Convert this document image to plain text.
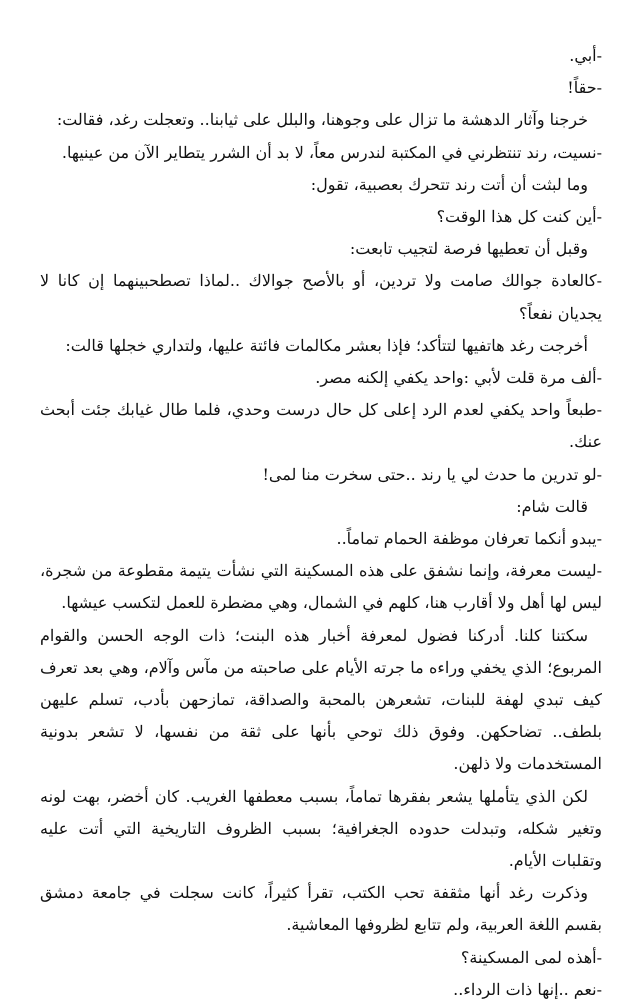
-أبي.

-حقاً!

خرجنا وآثار الدهشة ما تزال على وجوهنا، والبلل على ثيابنا.. وتعجلت رغد، فقالت:

-نسيت، رند تنتظرني في المكتبة لندرس معاً، لا بد أن الشرر يتطاير الآن من عينيها.

وما لبثت أن أتت رند تتحرك بعصبية، تقول:

-أين كنت كل هذا الوقت؟

وقبل أن تعطيها فرصة لتجيب تابعت:

-كالعادة جوالك صامت ولا تردين، أو بالأصح جوالاك ..لماذا تصطحبينهما إن كانا لا يجديان نفعاً؟

أخرجت رغد هاتفيها لتتأكد؛ فإذا بعشر مكالمات فائتة عليها، ولتداري خجلها قالت:

-ألف مرة قلت لأبي :واحد يكفي إلكنه مصر.

-طبعاً واحد يكفي لعدم الرد إعلى كل حال درست وحدي، فلما طال غيابك جئت أبحث عنك.

-لو تدرين ما حدث لي يا رند ..حتى سخرت منا لمى!

قالت شام:

-يبدو أنكما تعرفان موظفة الحمام تماماً..

-ليست معرفة، وإنما نشفق على هذه المسكينة التي نشأت يتيمة مقطوعة من شجرة، ليس لها أهل ولا أقارب هنا، كلهم في الشمال، وهي مضطرة للعمل لتكسب عيشها.

سكتنا كلنا. أدركنا فضول لمعرفة أخبار هذه البنت؛ ذات الوجه الحسن والقوام المربوع؛ الذي يخفي وراءه ما جرته الأيام على صاحبته من مآس وآلام، وهي بعد تعرف كيف تبدي لهفة للبنات، تشعرهن بالمحبة والصداقة، تمازحهن بأدب، تسلم عليهن بلطف.. تضاحكهن. وفوق ذلك توحي بأنها على ثقة من نفسها، لا تشعر بدونية المستخدمات ولا ذلهن.

لكن الذي يتأملها يشعر بفقرها تماماً، بسبب معطفها الغريب. كان أخضر، بهت لونه وتغير شكله، وتبدلت حدوده الجغرافية؛ بسبب الظروف التاريخية التي أتت عليه وتقلبات الأيام.

وذكرت رغد أنها مثقفة تحب الكتب، تقرأ كثيراً، كانت سجلت في جامعة دمشق بقسم اللغة العربية، ولم تتابع لظروفها المعاشية.

-أهذه لمى المسكينة؟

-نعم ..إنها ذات الرداء..
